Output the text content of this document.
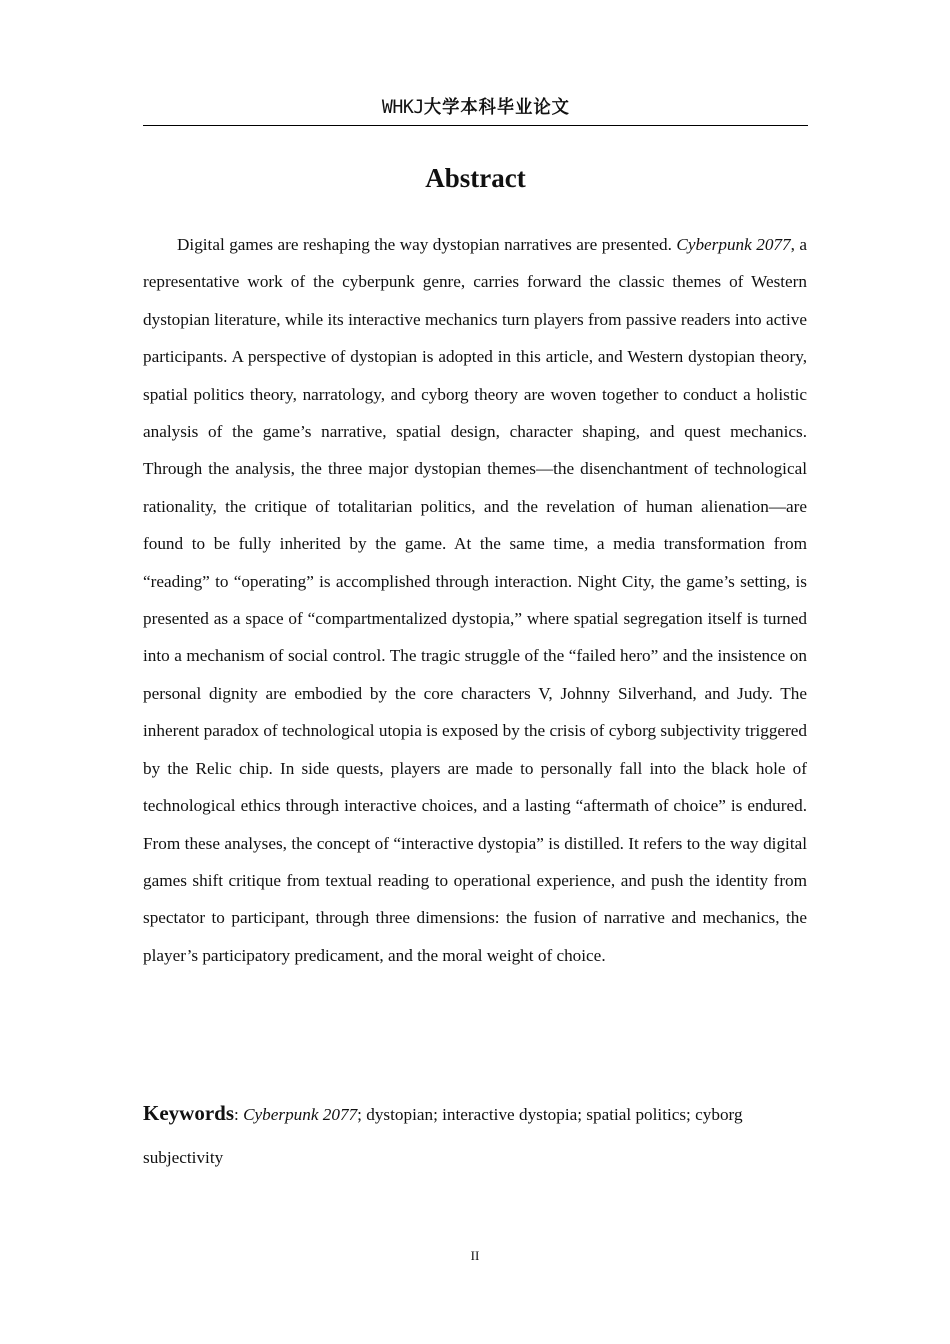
WHKJ大学本科毕业论文
Abstract

Digital games are reshaping the way dystopian narratives are presented. Cyberpunk 2077, a representative work of the cyberpunk genre, carries forward the classic themes of Western dystopian literature, while its interactive mechanics turn players from passive readers into active participants. A perspective of dystopian is adopted in this article, and Western dystopian theory, spatial politics theory, narratology, and cyborg theory are woven together to conduct a holistic analysis of the game’s narrative, spatial design, character shaping, and quest mechanics. Through the analysis, the three major dystopian themes—the disenchantment of technological rationality, the critique of totalitarian politics, and the revelation of human alienation—are found to be fully inherited by the game. At the same time, a media transformation from “reading” to “operating” is accomplished through interaction. Night City, the game’s setting, is presented as a space of “compartmentalized dystopia,” where spatial segregation itself is turned into a mechanism of social control. The tragic struggle of the “failed hero” and the insistence on personal dignity are embodied by the core characters V, Johnny Silverhand, and Judy. The inherent paradox of technological utopia is exposed by the crisis of cyborg subjectivity triggered by the Relic chip. In side quests, players are made to personally fall into the black hole of technological ethics through interactive choices, and a lasting “aftermath of choice” is endured. From these analyses, the concept of “interactive dystopia” is distilled. It refers to the way digital games shift critique from textual reading to operational experience, and push the identity from spectator to participant, through three dimensions: the fusion of narrative and mechanics, the player’s participatory predicament, and the moral weight of choice.

Keywords: Cyberpunk 2077; dystopian; interactive dystopia; spatial politics; cyborg subjectivity

II
